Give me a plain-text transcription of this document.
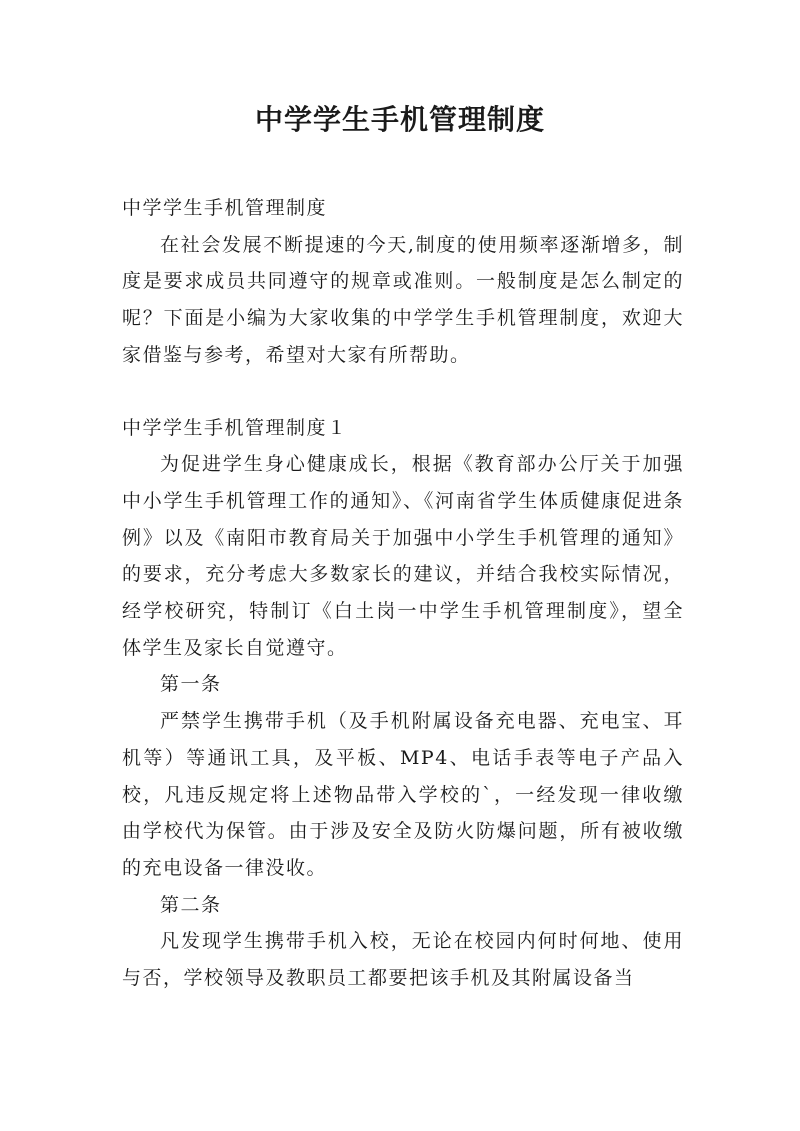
中学学生手机管理制度

中学学生手机管理制度

在社会发展不断提速的今天,制度的使用频率逐渐增多，制度是要求成员共同遵守的规章或准则。一般制度是怎么制定的呢？下面是小编为大家收集的中学学生手机管理制度，欢迎大家借鉴与参考，希望对大家有所帮助。

中学学生手机管理制度１

为促进学生身心健康成长，根据《教育部办公厅关于加强中小学生手机管理工作的通知》、《河南省学生体质健康促进条例》以及《南阳市教育局关于加强中小学生手机管理的通知》的要求，充分考虑大多数家长的建议，并结合我校实际情况，经学校研究，特制订《白土岗一中学生手机管理制度》，望全体学生及家长自觉遵守。

第一条

严禁学生携带手机（及手机附属设备充电器、充电宝、耳机等）等通讯工具，及平板、MP4、电话手表等电子产品入校，凡违反规定将上述物品带入学校的`，一经发现一律收缴由学校代为保管。由于涉及安全及防火防爆问题，所有被收缴的充电设备一律没收。

第二条

凡发现学生携带手机入校，无论在校园内何时何地、使用与否，学校领导及教职员工都要把该手机及其附属设备当
